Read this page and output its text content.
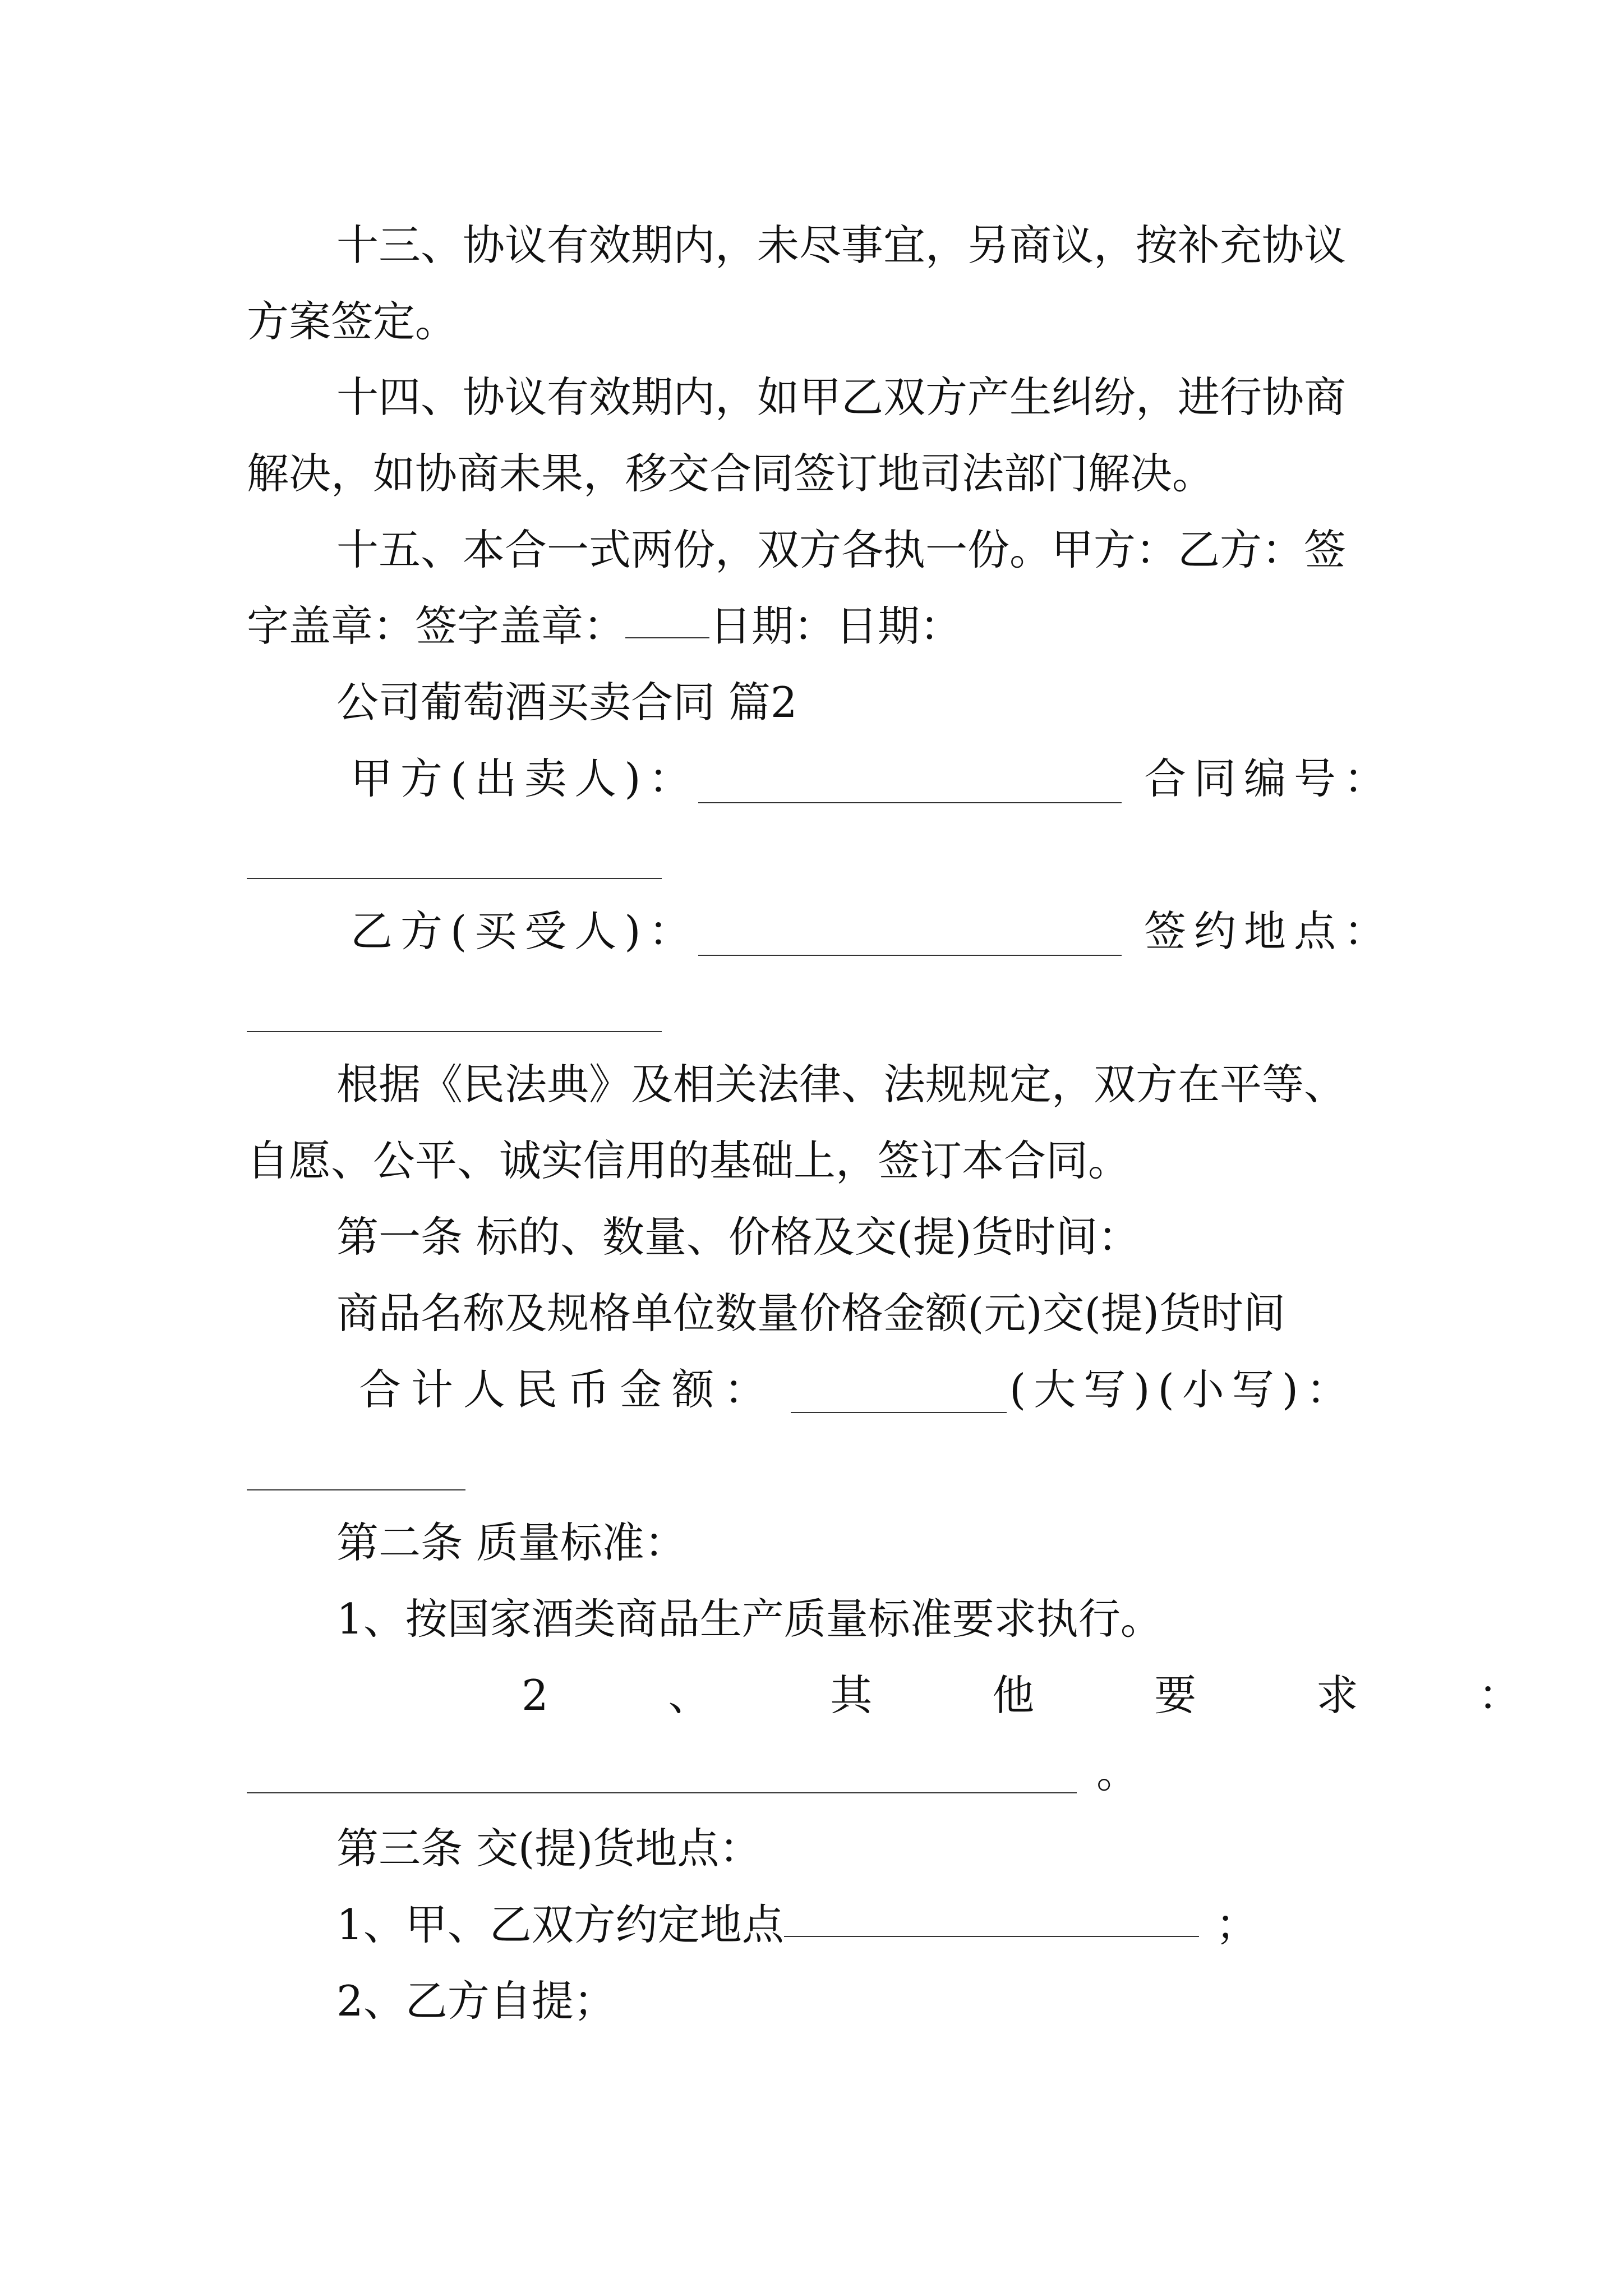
十三、协议有效期内，未尽事宜，另商议，按补充协议

方案签定。

十四、协议有效期内，如甲乙双方产生纠纷，进行协商

解决，如协商未果，移交合同签订地司法部门解决。

十五、本合一式两份，双方各执一份。甲方：乙方：签

字盖章：签字盖章： 日期：日期：

公司葡萄酒买卖合同 篇2

甲方(出卖人)：	合同编号：

乙方(买受人)：	签约地点：

根据《民法典》及相关法律、法规规定，双方在平等、

自愿、公平、诚实信用的基础上，签订本合同。

第一条 标的、数量、价格及交(提)货时间：

商品名称及规格单位数量价格金额(元)交(提)货时间

合计人民币金额：	(大写)(小写)：

第二条 质量标准：

1、按国家酒类商品生产质量标准要求执行。

2 、 其 他 要 求 ：

。

第三条 交(提)货地点：

1、甲、乙双方约定地点	；

2、乙方自提；
